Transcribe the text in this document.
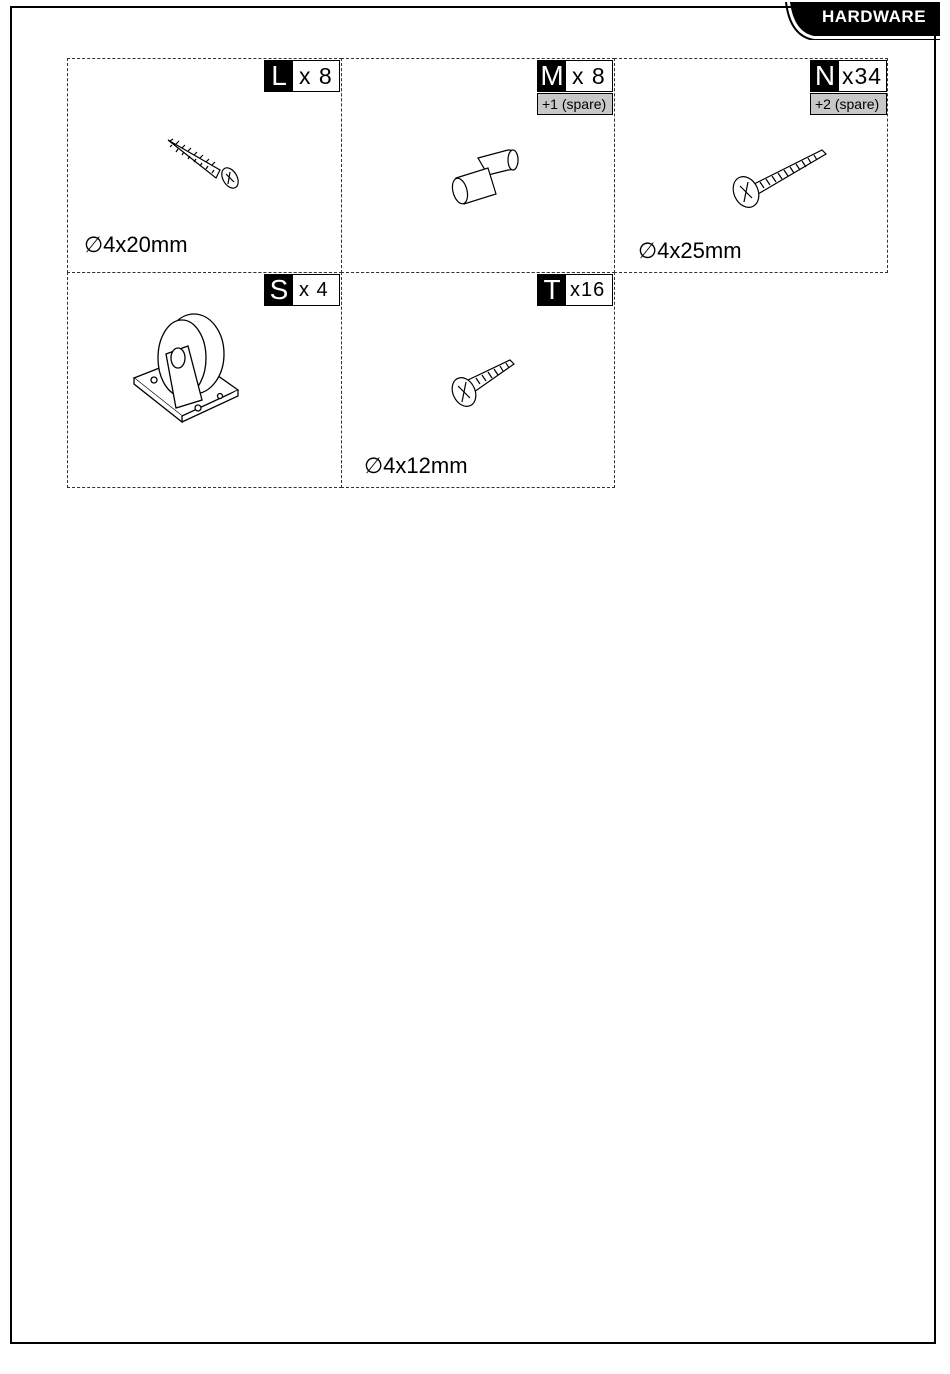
HARDWARE
L x 8
∅4x20mm
M x 8
+1 (spare)
N x34
+2 (spare)
∅4x25mm
S x 4	T x16
∅4x12mm
